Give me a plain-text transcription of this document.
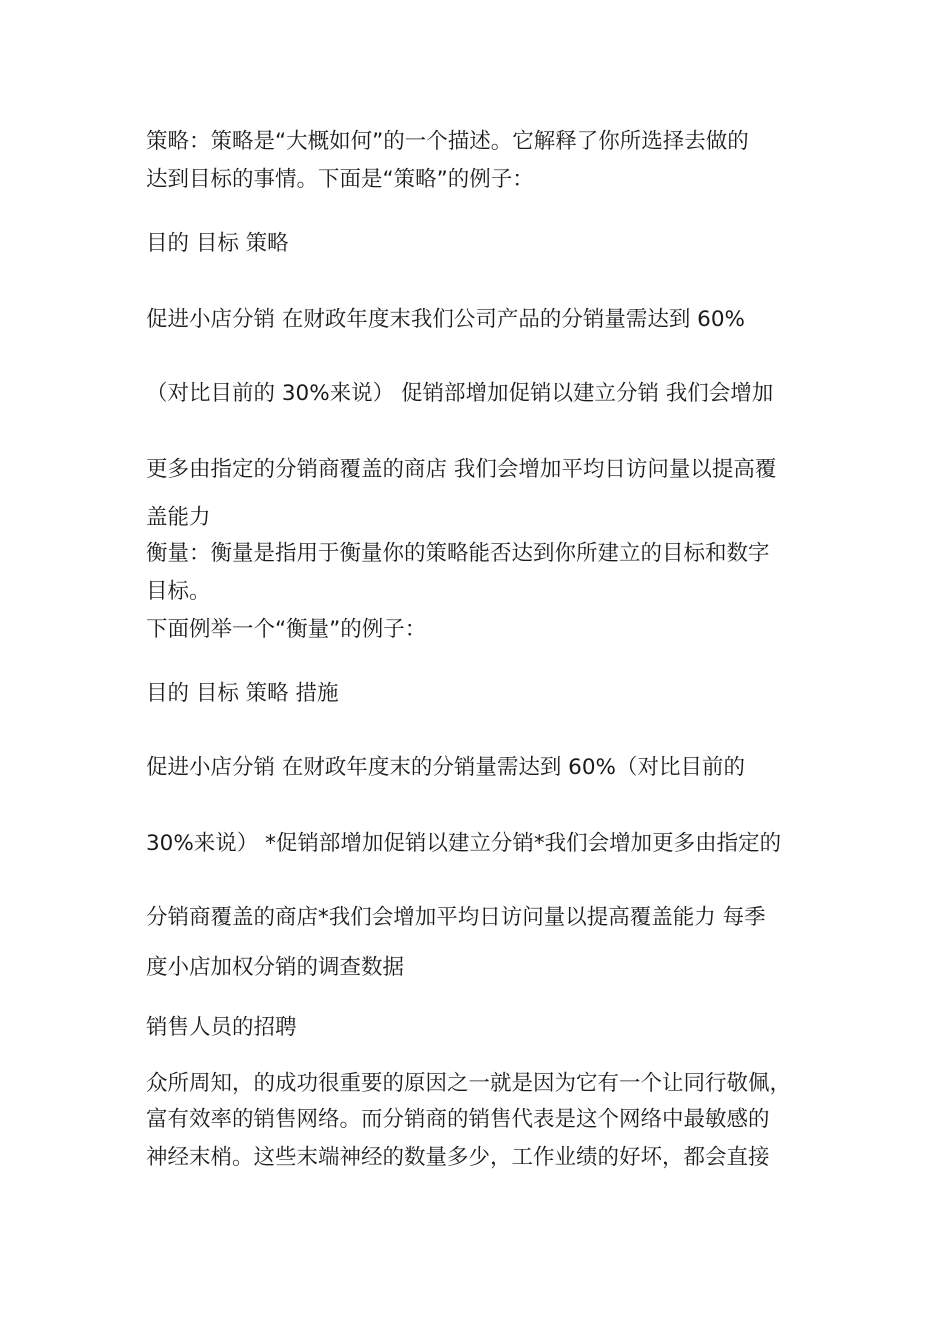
策略：策略是“大概如何”的一个描述。它解释了你所选择去做的
达到目标的事情。下面是“策略”的例子：
目的 目标 策略
促进小店分销 在财政年度末我们公司产品的分销量需达到 60%
（对比目前的 30%来说） 促销部增加促销以建立分销 我们会增加
更多由指定的分销商覆盖的商店 我们会增加平均日访问量以提高覆
盖能力
衡量：衡量是指用于衡量你的策略能否达到你所建立的目标和数字
目标。
下面例举一个“衡量”的例子：
目的 目标 策略 措施
促进小店分销 在财政年度末的分销量需达到 60%（对比目前的
30%来说） *促销部增加促销以建立分销*我们会增加更多由指定的
分销商覆盖的商店*我们会增加平均日访问量以提高覆盖能力 每季
度小店加权分销的调查数据
销售人员的招聘
众所周知，的成功很重要的原因之一就是因为它有一个让同行敬佩，
富有效率的销售网络。而分销商的销售代表是这个网络中最敏感的
神经末梢。这些末端神经的数量多少，工作业绩的好坏，都会直接
